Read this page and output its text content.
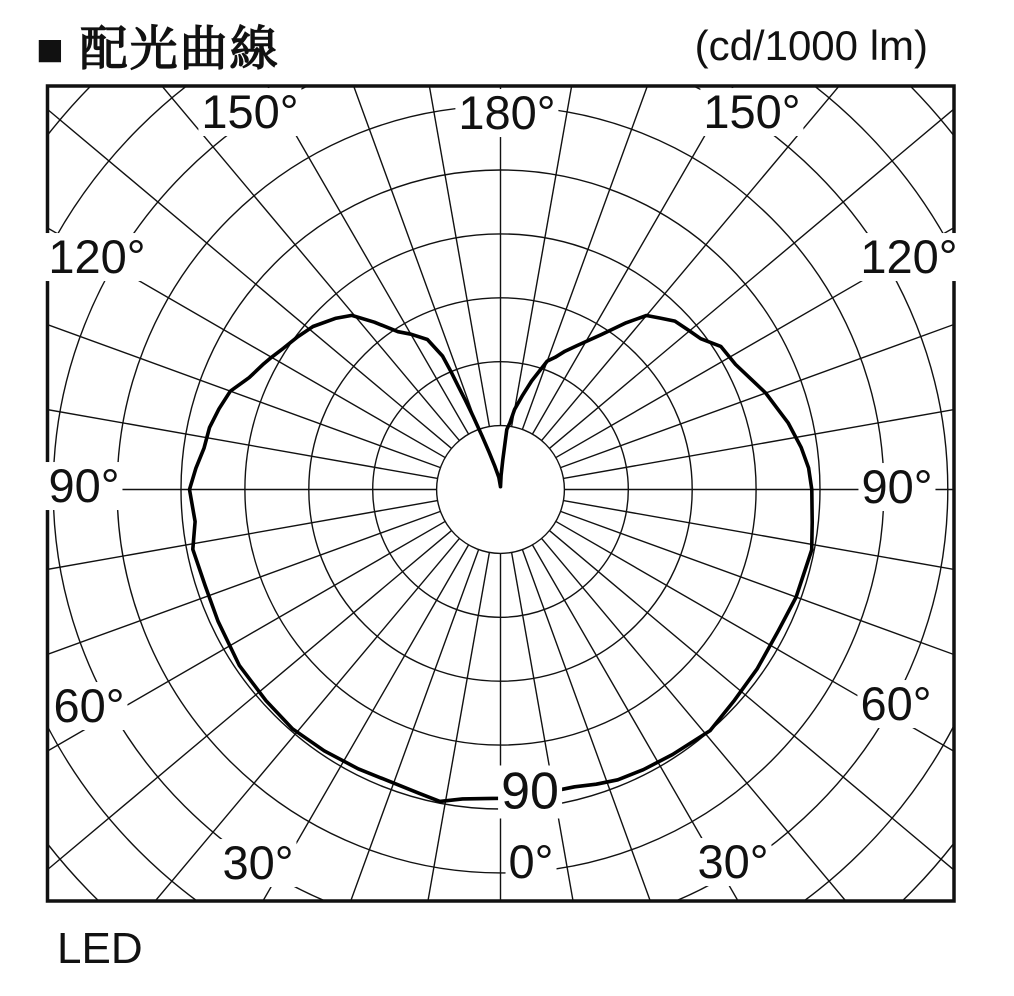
■ 配光曲線	(cd/1000 lm)
180°
150°	150°
120°	120°
90°	90°
60°	60°
30°	30°
0°
90
LED
